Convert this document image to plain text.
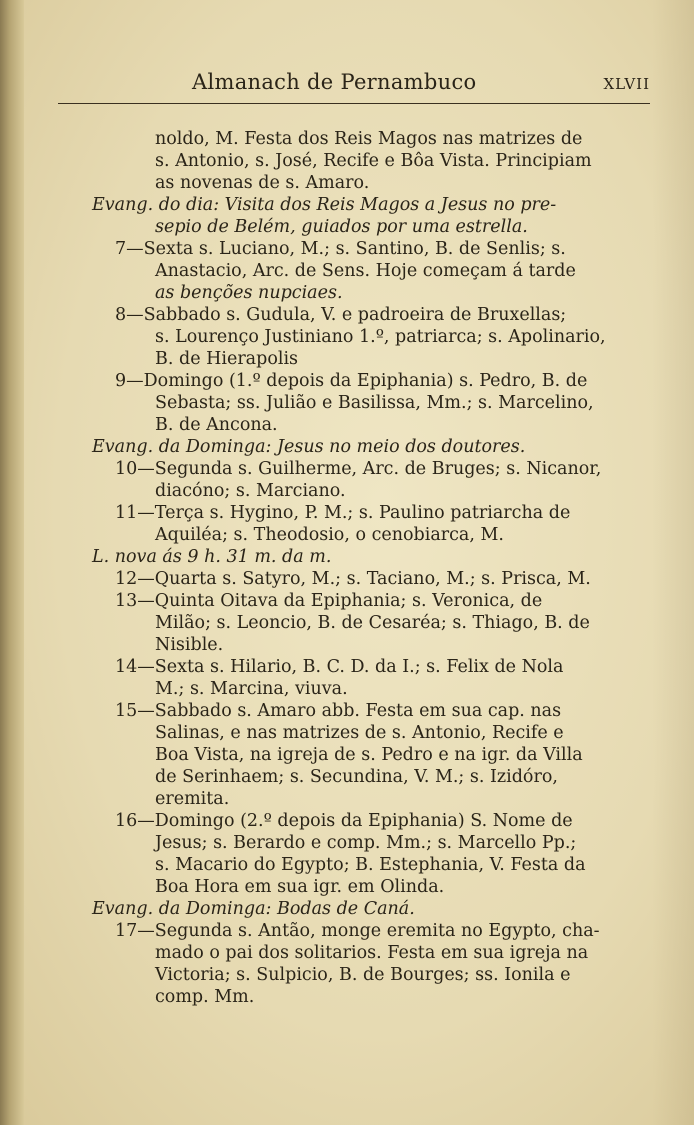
Almanach de Pernambuco	XLVII
noldo, M. Festa dos Reis Magos nas matrizes de
s. Antonio, s. José, Recife e Bôa Vista. Principiam
as novenas de s. Amaro.
Evang. do dia: Visita dos Reis Magos a Jesus no pre-
sepio de Belém, guiados por uma estrella.
7—Sexta s. Luciano, M.; s. Santino, B. de Senlis; s.
Anastacio, Arc. de Sens. Hoje começam á tarde
as benções nupciaes.
8—Sabbado s. Gudula, V. e padroeira de Bruxellas;
s. Lourenço Justiniano 1.º, patriarca; s. Apolinario,
B. de Hierapolis
9—Domingo (1.º depois da Epiphania) s. Pedro, B. de
Sebasta; ss. Julião e Basilissa, Mm.; s. Marcelino,
B. de Ancona.
Evang. da Dominga: Jesus no meio dos doutores.
10—Segunda s. Guilherme, Arc. de Bruges; s. Nicanor,
diacóno; s. Marciano.
11—Terça s. Hygino, P. M.; s. Paulino patriarcha de
Aquiléa; s. Theodosio, o cenobiarca, M.
L. nova ás 9 h. 31 m. da m.
12—Quarta s. Satyro, M.; s. Taciano, M.; s. Prisca, M.
13—Quinta Oitava da Epiphania; s. Veronica, de
Milão; s. Leoncio, B. de Cesaréa; s. Thiago, B. de
Nisible.
14—Sexta s. Hilario, B. C. D. da I.; s. Felix de Nola
M.; s. Marcina, viuva.
15—Sabbado s. Amaro abb. Festa em sua cap. nas
Salinas, e nas matrizes de s. Antonio, Recife e
Boa Vista, na igreja de s. Pedro e na igr. da Villa
de Serinhaem; s. Secundina, V. M.; s. Izidóro,
eremita.
16—Domingo (2.º depois da Epiphania) S. Nome de
Jesus; s. Berardo e comp. Mm.; s. Marcello Pp.;
s. Macario do Egypto; B. Estephania, V. Festa da
Boa Hora em sua igr. em Olinda.
Evang. da Dominga: Bodas de Caná.
17—Segunda s. Antão, monge eremita no Egypto, cha-
mado o pai dos solitarios. Festa em sua igreja na
Victoria; s. Sulpicio, B. de Bourges; ss. Ionila e
comp. Mm.
